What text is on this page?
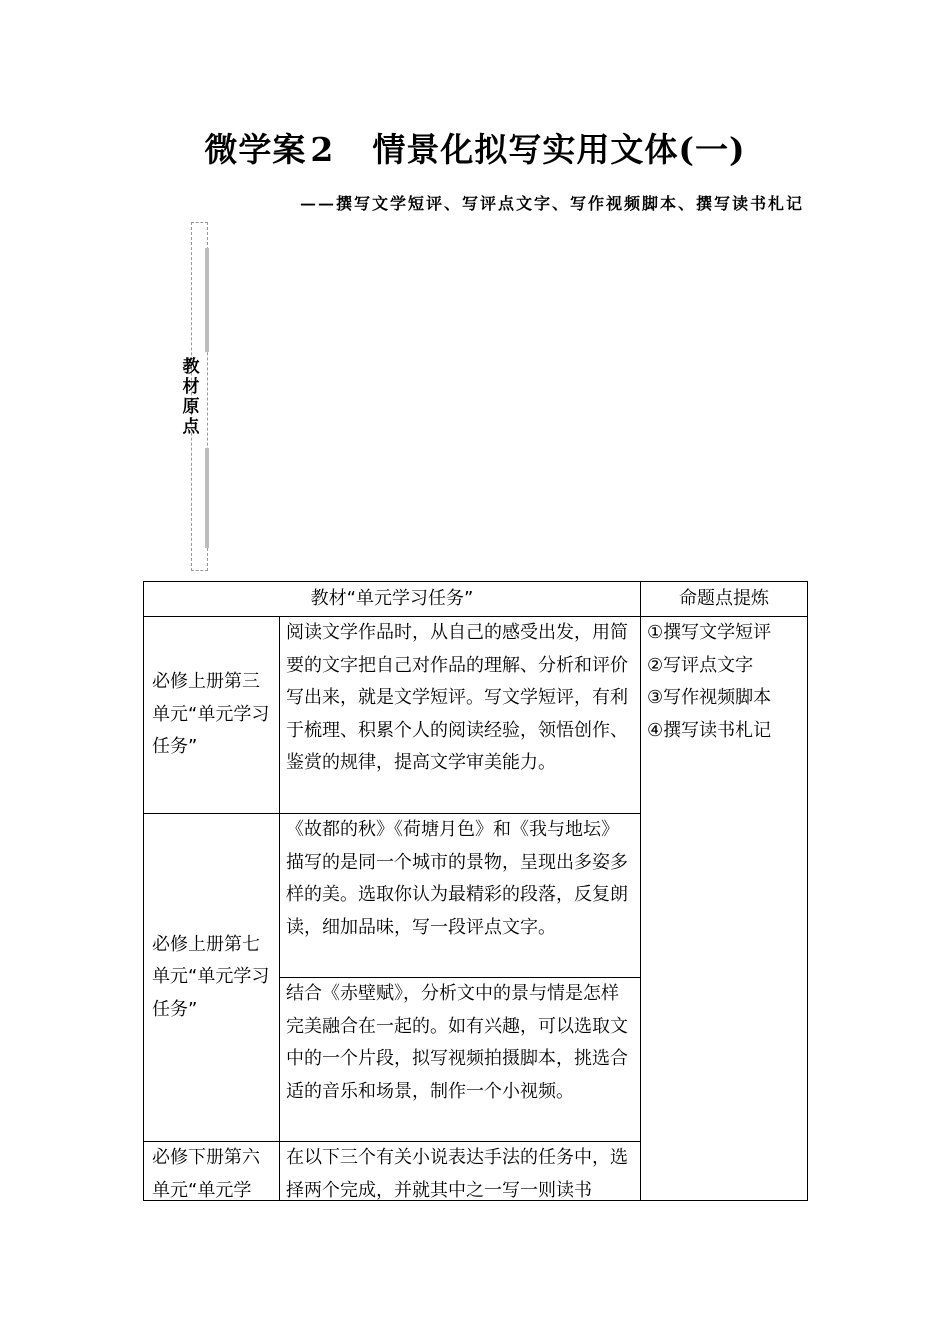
微学案 2 情景化拟写实用文体(一)
——撰写文学短评、写评点文字、写作视频脚本、撰写读书札记
教
材
原
点
教材“单元学习任务”		命题点提炼
必修上册第三单元“单元学习任务”	阅读文学作品时，从自己的感受出发，用简要的文字把自己对作品的理解、分析和评价写出来，就是文学短评。写文学短评，有利于梳理、积累个人的阅读经验，领悟创作、鉴赏的规律，提高文学审美能力。	①撰写文学短评
②写评点文字
③写作视频脚本
④撰写读书札记

必修上册第七单元“单元学习任务”	《故都的秋》《荷塘月色》和《我与地坛》描写的是同一个城市的景物，呈现出多姿多样的美。选取你认为最精彩的段落，反复朗读，细加品味，写一段评点文字。	
	结合《赤壁赋》，分析文中的景与情是怎样完美融合在一起的。如有兴趣，可以选取文中的一个片段，拟写视频拍摄脚本，挑选合适的音乐和场景，制作一个小视频。	

必修下册第六单元“单元学	在以下三个有关小说表达手法的任务中，选择两个完成，并就其中之一写一则读书	
